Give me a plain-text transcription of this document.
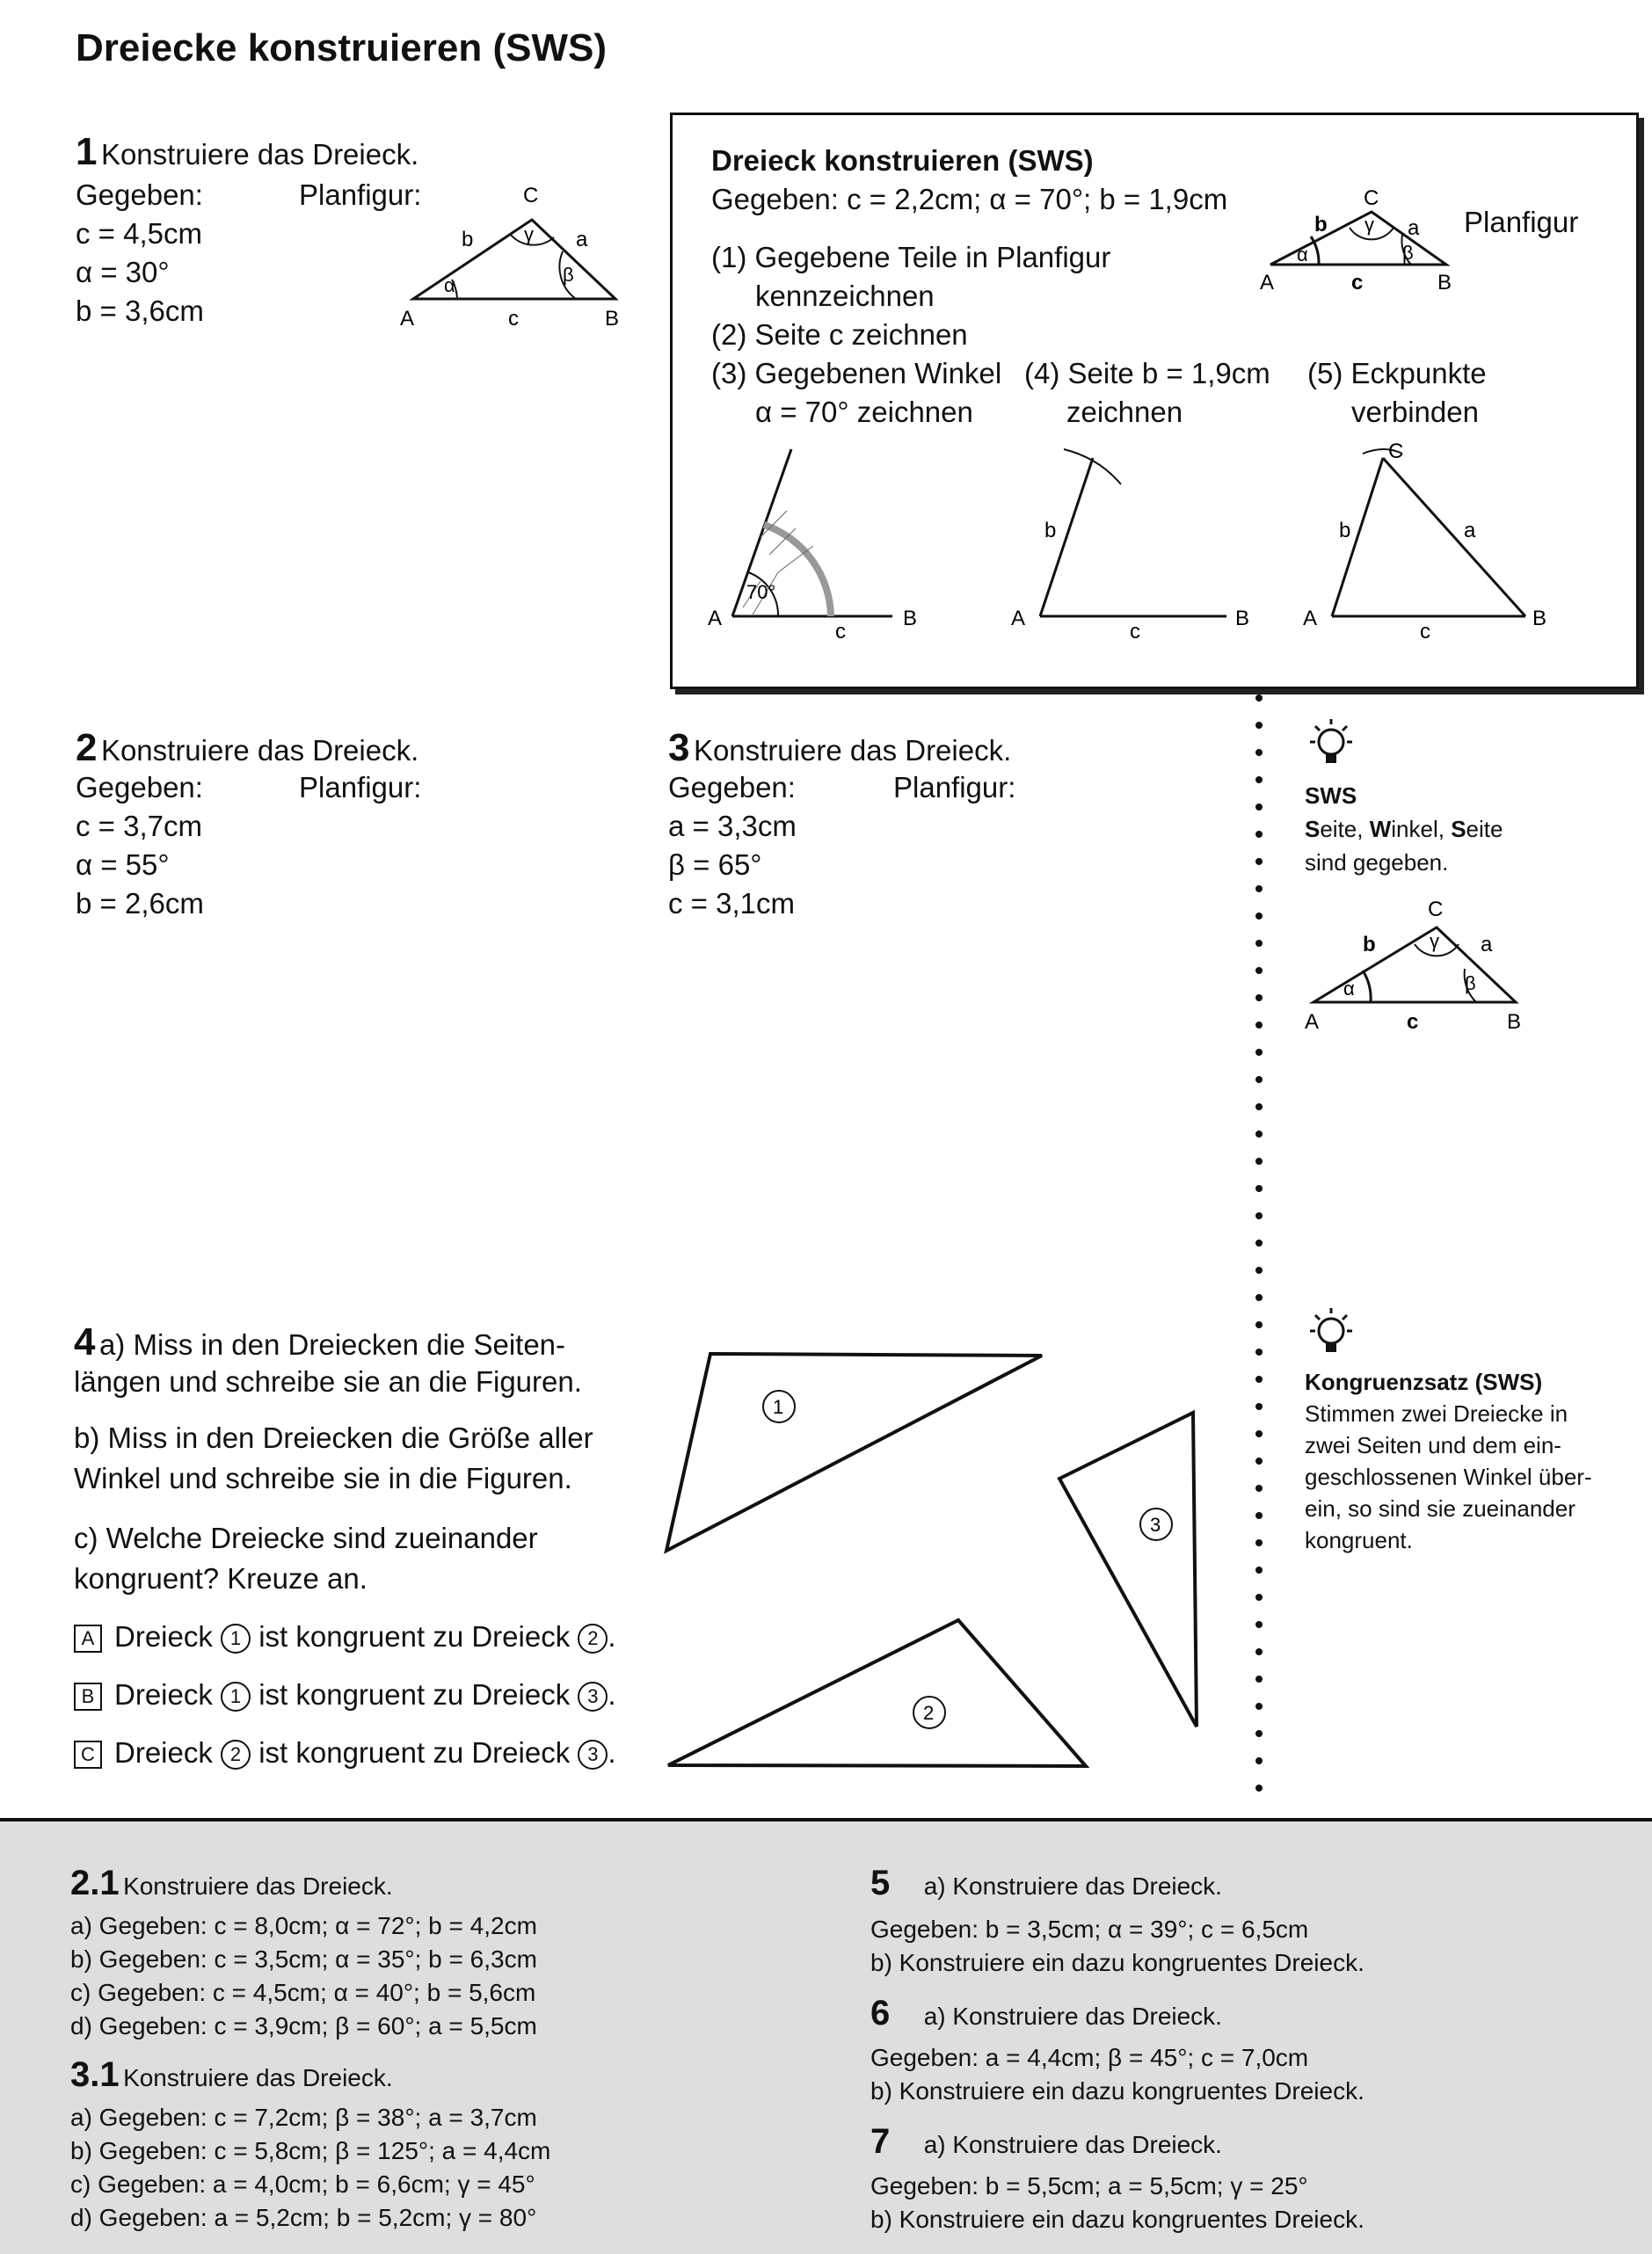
Dreiecke konstruieren (SWS)
1 Konstruiere das Dreieck.
Gegeben:	Planfigur:
c = 4,5cm
α = 30°
b = 3,6cm	A	B
C
c
b	a
α	β
γ
Dreieck konstruieren (SWS)
Gegeben: c = 2,2cm; α = 70°; b = 1,9cm
Planfigur
(1) Gegebene Teile in Planfigur
kennzeichnen
(2) Seite c zeichnen
(3) Gegebenen Winkel
α = 70° zeichnen
(4) Seite b = 1,9cm
zeichnen
(5) Eckpunkte
verbinden
A	B
C
c
b	a
α	β
γ
A	B
c
70°
A	B
c
b
A	B
C
c
b	a
2 Konstruiere das Dreieck.
Gegeben:	Planfigur:
c = 3,7cm
α = 55°
b = 2,6cm
3 Konstruiere das Dreieck.
Gegeben:	Planfigur:
a = 3,3cm
β = 65°
c = 3,1cm
SWS
Seite, Winkel, Seite
sind gegeben.
A	B
C
c
b	a
α	β
γ
Kongruenzsatz (SWS)
Stimmen zwei Dreiecke in
zwei Seiten und dem ein-
geschlossenen Winkel über-
ein, so sind sie zueinander
kongruent.
4 a) Miss in den Dreiecken die Seiten-
längen und schreibe sie an die Figuren.
b) Miss in den Dreiecken die Größe aller
Winkel und schreibe sie in die Figuren.
c) Welche Dreiecke sind zueinander
kongruent? Kreuze an.
A Dreieck 1 ist kongruent zu Dreieck 2 .
B Dreieck 1 ist kongruent zu Dreieck 3 .
C Dreieck 2 ist kongruent zu Dreieck 3 .
1
2
3
2.1 Konstruiere das Dreieck.
a) Gegeben: c = 8,0cm; α = 72°; b = 4,2cm
b) Gegeben: c = 3,5cm; α = 35°; b = 6,3cm
c) Gegeben: c = 4,5cm; α = 40°; b = 5,6cm
d) Gegeben: c = 3,9cm; β = 60°; a = 5,5cm
3.1 Konstruiere das Dreieck.
a) Gegeben: c = 7,2cm; β = 38°; a = 3,7cm
b) Gegeben: c = 5,8cm; β = 125°; a = 4,4cm
c) Gegeben: a = 4,0cm; b = 6,6cm; γ = 45°
d) Gegeben: a = 5,2cm; b = 5,2cm; γ = 80°
5 a) Konstruiere das Dreieck.
Gegeben: b = 3,5cm; α = 39°; c = 6,5cm
b) Konstruiere ein dazu kongruentes Dreieck.
6 a) Konstruiere das Dreieck.
Gegeben: a = 4,4cm; β = 45°; c = 7,0cm
b) Konstruiere ein dazu kongruentes Dreieck.
7 a) Konstruiere das Dreieck.
Gegeben: b = 5,5cm; a = 5,5cm; γ = 25°
b) Konstruiere ein dazu kongruentes Dreieck.
